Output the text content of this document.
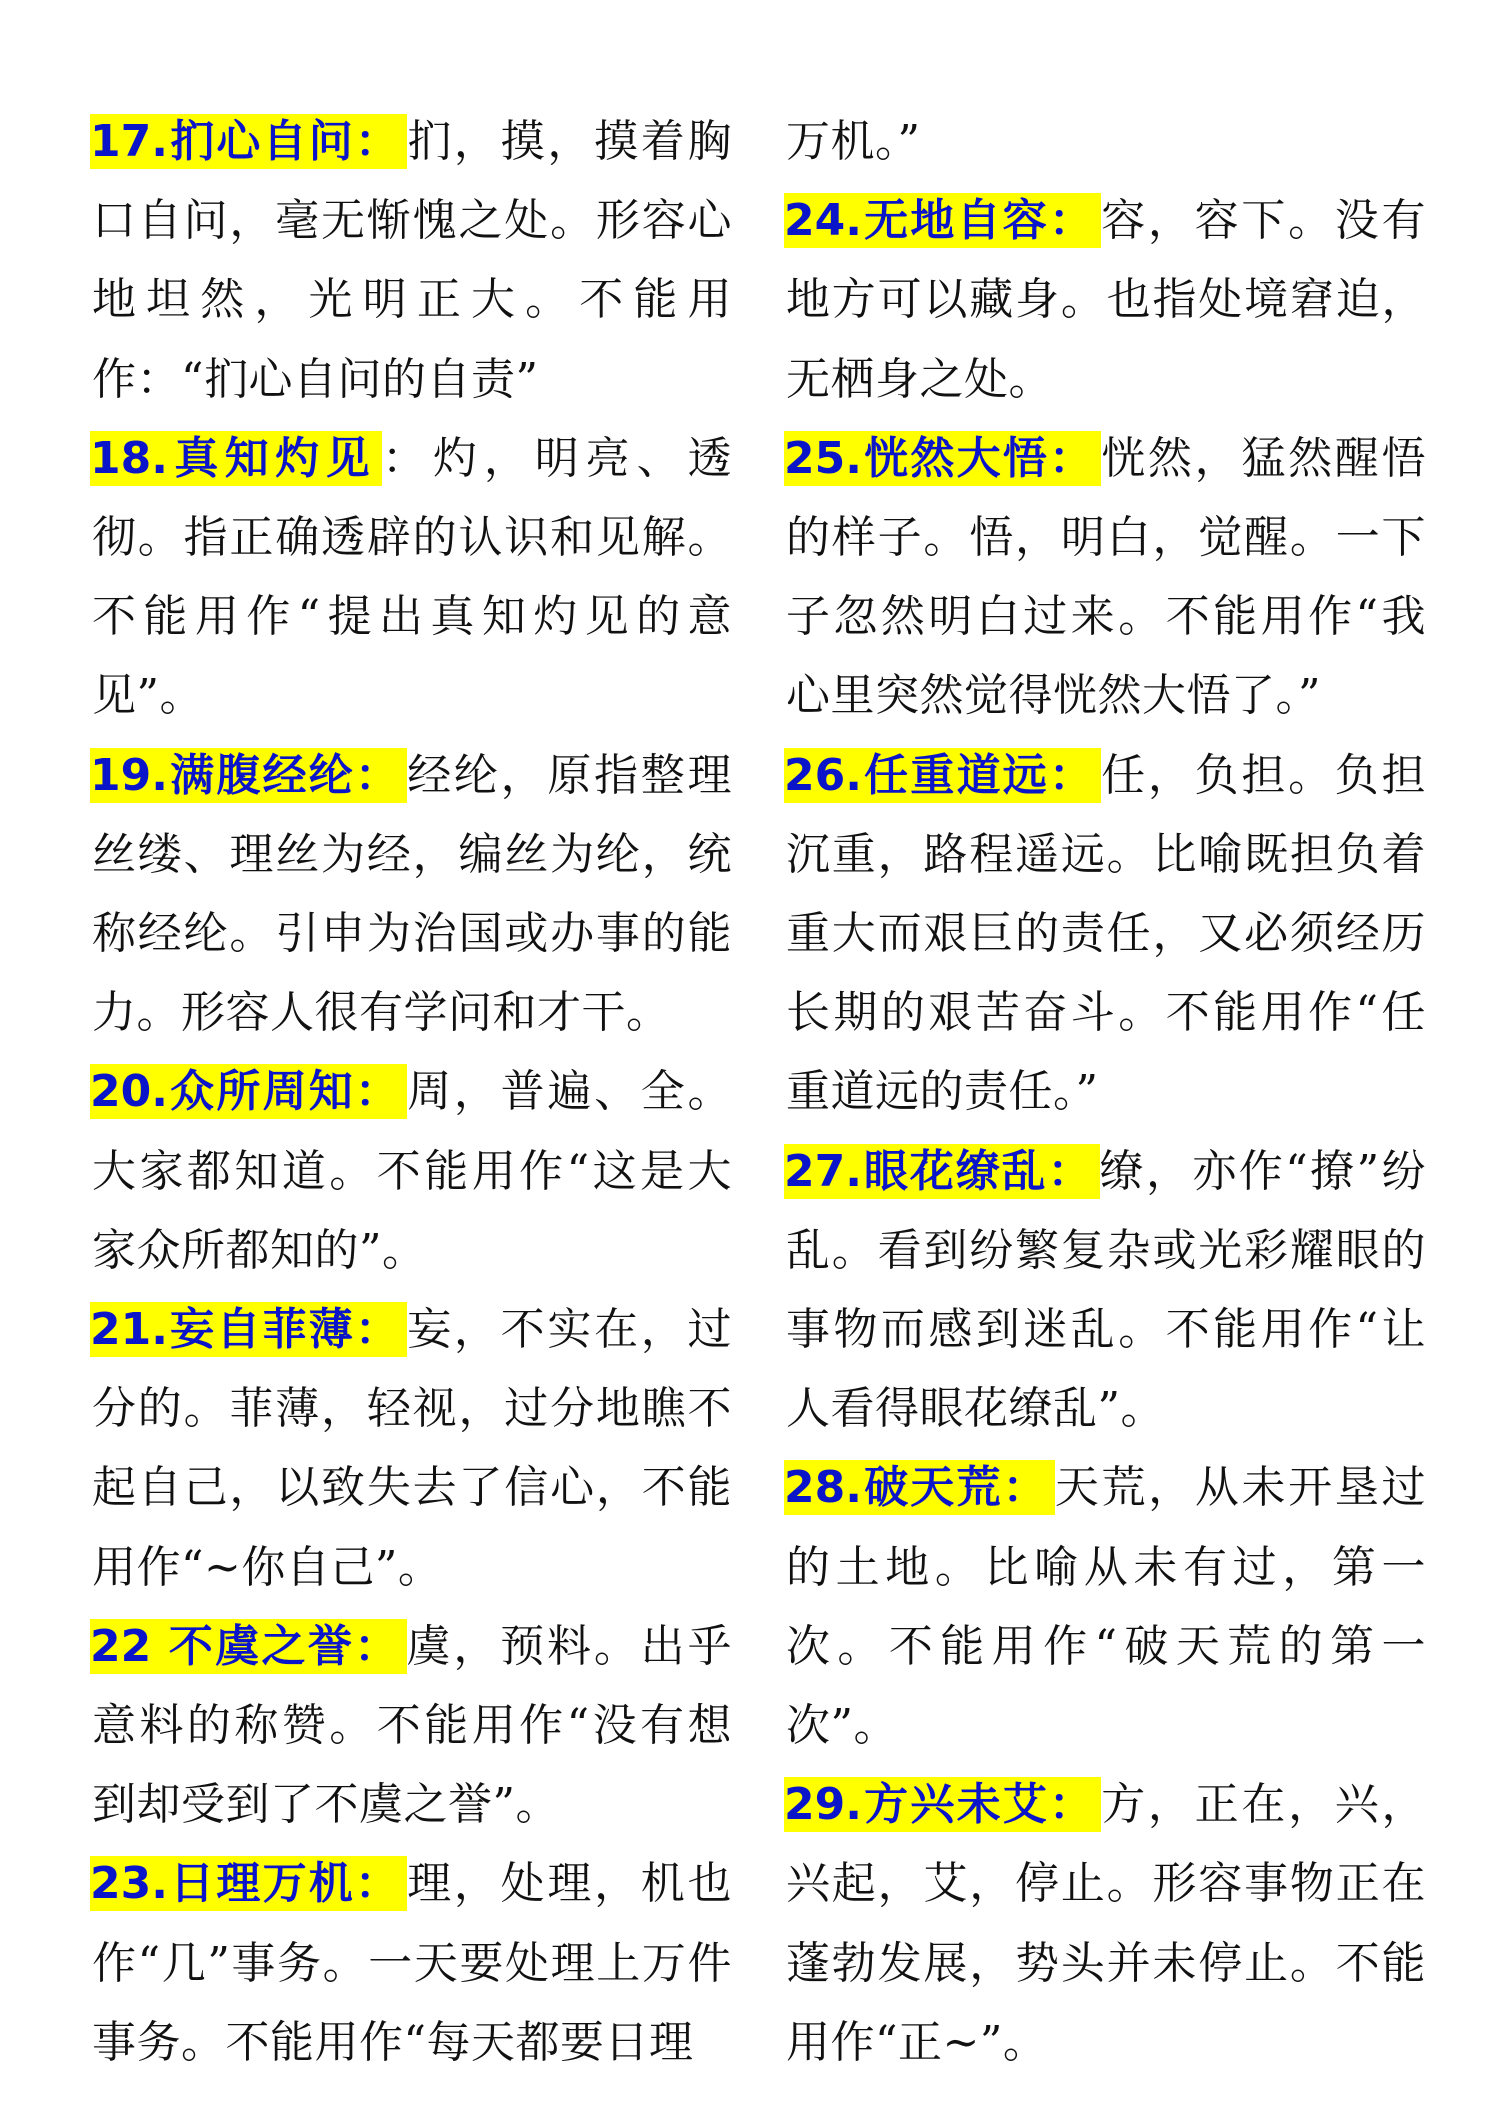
17.扪心自问： 扪，摸，摸着胸口自问，毫无惭愧之处。形容心地坦然，光明正大。不能用作：“扪心自问的自责”

18.真知灼见 ：灼，明亮、透彻。指正确透辟的认识和见解。不能用作“提出真知灼见的意见”。

19.满腹经纶： 经纶，原指整理丝缕、理丝为经，编丝为纶，统称经纶。引申为治国或办事的能力。形容人很有学问和才干。

20.众所周知： 周，普遍、全。大家都知道。不能用作“这是大家众所都知的”。

21.妄自菲薄： 妄，不实在，过分的。菲薄，轻视，过分地瞧不起自己，以致失去了信心，不能用作“~你自己”。

22 不虞之誉： 虞，预料。出乎意料的称赞。不能用作“没有想到却受到了不虞之誉”。

23.日理万机： 理，处理，机也作“几”事务。一天要处理上万件事务。不能用作“每天都要日理

万机。”

24.无地自容： 容，容下。没有地方可以藏身。也指处境窘迫，无栖身之处。

25.恍然大悟： 恍然，猛然醒悟的样子。悟，明白，觉醒。一下子忽然明白过来。不能用作“我心里突然觉得恍然大悟了。”

26.任重道远： 任，负担。负担沉重，路程遥远。比喻既担负着重大而艰巨的责任，又必须经历长期的艰苦奋斗。不能用作“任重道远的责任。”

27.眼花缭乱： 缭，亦作“撩”纷乱。看到纷繁复杂或光彩耀眼的事物而感到迷乱。不能用作“让人看得眼花缭乱”。

28.破天荒： 天荒，从未开垦过的土地。比喻从未有过，第一次。不能用作“破天荒的第一次”。

29.方兴未艾： 方，正在，兴，兴起，艾，停止。形容事物正在蓬勃发展，势头并未停止。不能用作“正~”。
